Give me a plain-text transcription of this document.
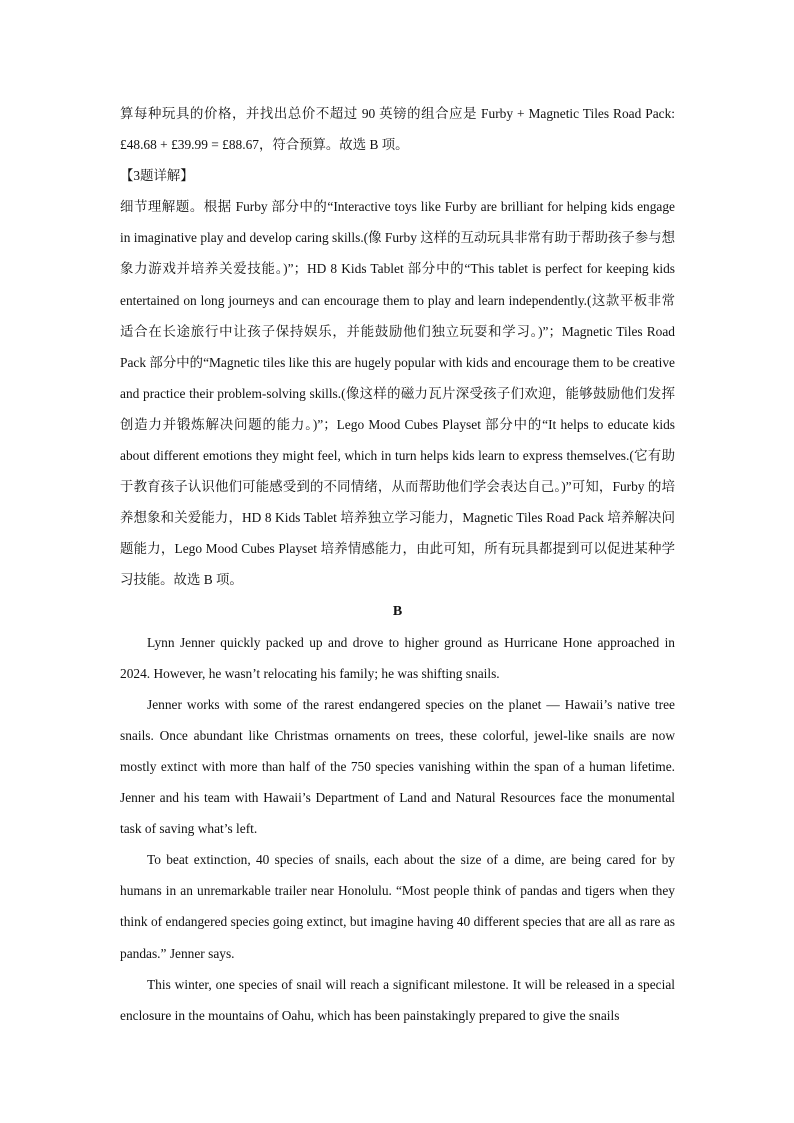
算每种玩具的价格，并找出总价不超过 90 英镑的组合应是 Furby + Magnetic Tiles Road Pack: £48.68 + £39.99 = £88.67，符合预算。故选 B 项。

【3题详解】

细节理解题。根据 Furby 部分中的“Interactive toys like Furby are brilliant for helping kids engage in imaginative play and develop caring skills.(像 Furby 这样的互动玩具非常有助于帮助孩子参与想象力游戏并培养关爱技能。)”；HD 8 Kids Tablet 部分中的“This tablet is perfect for keeping kids entertained on long journeys and can encourage them to play and learn independently.(这款平板非常适合在长途旅行中让孩子保持娱乐，并能鼓励他们独立玩耍和学习。)”；Magnetic Tiles Road Pack 部分中的“Magnetic tiles like this are hugely popular with kids and encourage them to be creative and practice their problem-solving skills.(像这样的磁力瓦片深受孩子们欢迎，能够鼓励他们发挥创造力并锻炼解决问题的能力。)”；Lego Mood Cubes Playset 部分中的“It helps to educate kids about different emotions they might feel, which in turn helps kids learn to express themselves.(它有助于教育孩子认识他们可能感受到的不同情绪，从而帮助他们学会表达自己。)”可知，Furby 的培养想象和关爱能力，HD 8 Kids Tablet 培养独立学习能力，Magnetic Tiles Road Pack 培养解决问题能力，Lego Mood Cubes Playset 培养情感能力，由此可知，所有玩具都提到可以促进某种学习技能。故选 B 项。

B

Lynn Jenner quickly packed up and drove to higher ground as Hurricane Hone approached in 2024. However, he wasn’t relocating his family; he was shifting snails.

Jenner works with some of the rarest endangered species on the planet — Hawaii’s native tree snails. Once abundant like Christmas ornaments on trees, these colorful, jewel-like snails are now mostly extinct with more than half of the 750 species vanishing within the span of a human lifetime. Jenner and his team with Hawaii’s Department of Land and Natural Resources face the monumental task of saving what’s left.

To beat extinction, 40 species of snails, each about the size of a dime, are being cared for by humans in an unremarkable trailer near Honolulu. “Most people think of pandas and tigers when they think of endangered species going extinct, but imagine having 40 different species that are all as rare as pandas.” Jenner says.

This winter, one species of snail will reach a significant milestone. It will be released in a special enclosure in the mountains of Oahu, which has been painstakingly prepared to give the snails
